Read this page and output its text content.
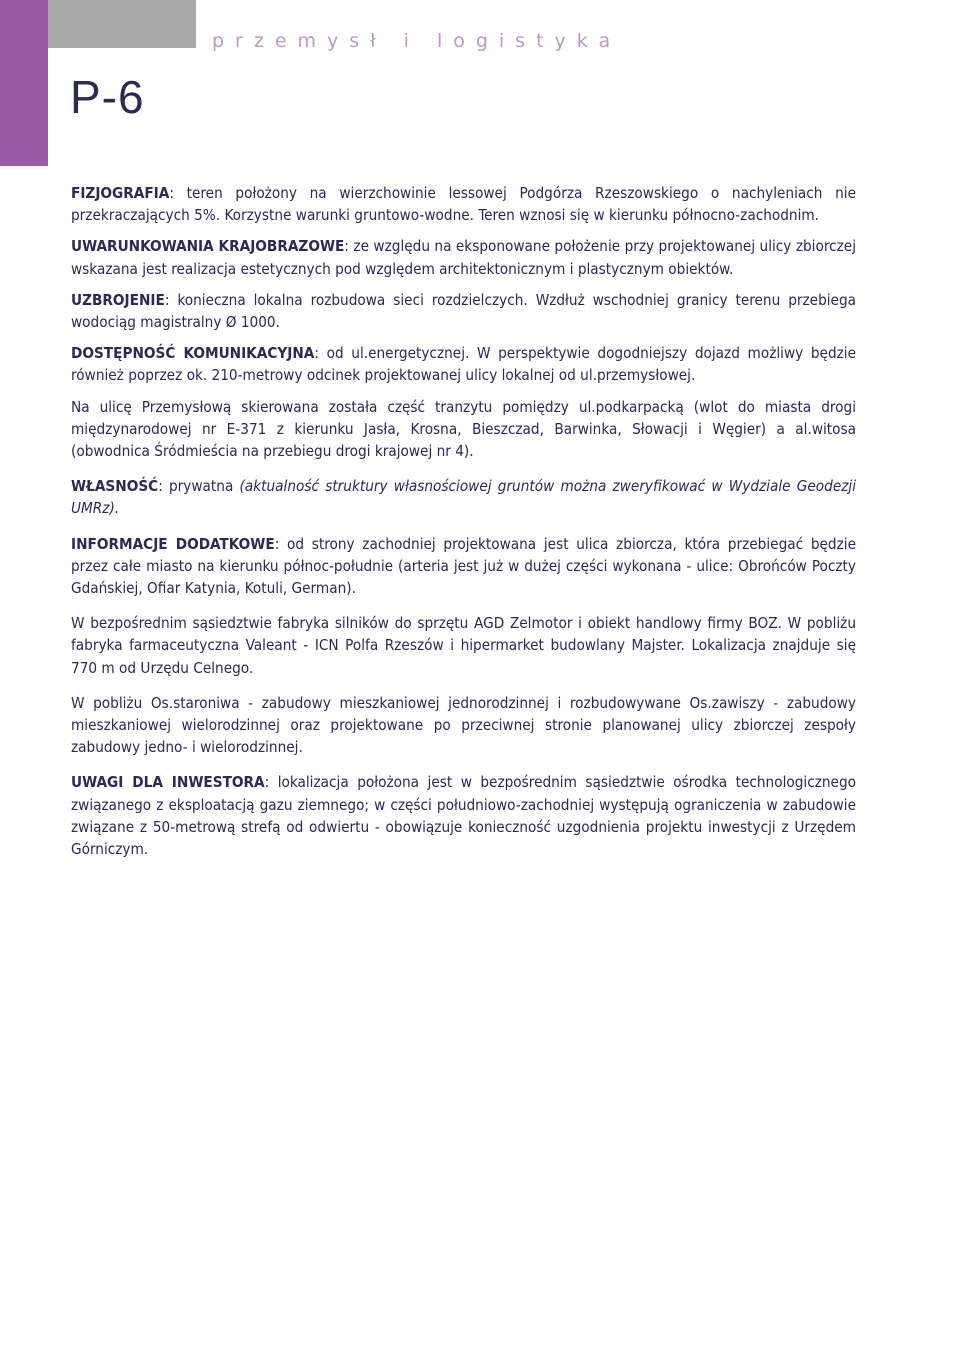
przemysł i logistyka
P-6

FIZJOGRAFIA: teren położony na wierzchowinie lessowej Podgórza Rzeszowskiego o nachyleniach nie przekraczających 5%. Korzystne warunki gruntowo-wodne. Teren wznosi się w kierunku północno-zachodnim.

UWARUNKOWANIA KRAJOBRAZOWE: ze względu na eksponowane położenie przy projektowanej ulicy zbiorczej wskazana jest realizacja estetycznych pod względem architektonicznym i plastycznym obiektów.

UZBROJENIE: konieczna lokalna rozbudowa sieci rozdzielczych. Wzdłuż wschodniej granicy terenu przebiega wodociąg magistralny Ø 1000.

DOSTĘPNOŚĆ KOMUNIKACYJNA: od ul.energetycznej. W perspektywie dogodniejszy dojazd możliwy będzie również poprzez ok. 210-metrowy odcinek projektowanej ulicy lokalnej od ul.przemysłowej.

Na ulicę Przemysłową skierowana została część tranzytu pomiędzy ul.podkarpacką (wlot do miasta drogi międzynarodowej nr E-371 z kierunku Jasła, Krosna, Bieszczad, Barwinka, Słowacji i Węgier) a al.witosa (obwodnica Śródmieścia na przebiegu drogi krajowej nr 4).

WŁASNOŚĆ: prywatna (aktualność struktury własnościowej gruntów można zweryfikować w Wydziale Geodezji UMRz).

INFORMACJE DODATKOWE: od strony zachodniej projektowana jest ulica zbiorcza, która przebiegać będzie przez całe miasto na kierunku północ-południe (arteria jest już w dużej części wykonana - ulice: Obrońców Poczty Gdańskiej, Ofiar Katynia, Kotuli, German).

W bezpośrednim sąsiedztwie fabryka silników do sprzętu AGD Zelmotor i obiekt handlowy firmy BOZ. W pobliżu fabryka farmaceutyczna Valeant - ICN Polfa Rzeszów i hipermarket budowlany Majster. Lokalizacja znajduje się 770 m od Urzędu Celnego.

W pobliżu Os.staroniwa - zabudowy mieszkaniowej jednorodzinnej i rozbudowywane Os.zawiszy - zabudowy mieszkaniowej wielorodzinnej oraz projektowane po przeciwnej stronie planowanej ulicy zbiorczej zespoły zabudowy jedno- i wielorodzinnej.

UWAGI DLA INWESTORA: lokalizacja położona jest w bezpośrednim sąsiedztwie ośrodka technologicznego związanego z eksploatacją gazu ziemnego; w części południowo-zachodniej występują ograniczenia w zabudowie związane z 50-metrową strefą od odwiertu - obowiązuje konieczność uzgodnienia projektu inwestycji z Urzędem Górniczym.
